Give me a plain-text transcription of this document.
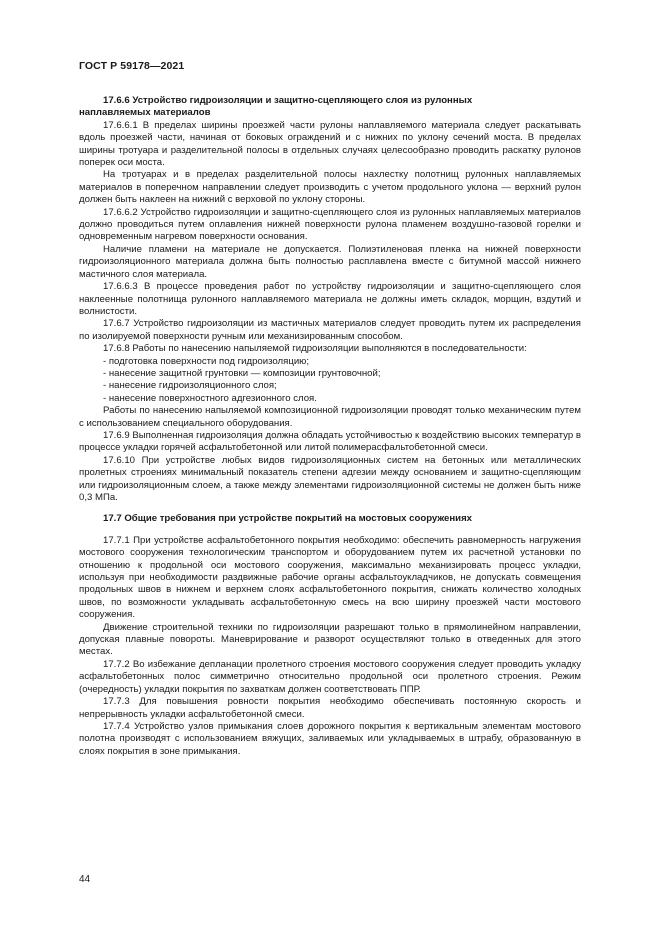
ГОСТ Р 59178—2021

17.6.6 Устройство гидроизоляции и защитно-сцепляющего слоя из рулонных

наплавляемых материалов

17.6.6.1 В пределах ширины проезжей части рулоны наплавляемого материала следует раскатывать вдоль проезжей части, начиная от боковых ограждений и с нижних по уклону сечений моста. В пределах ширины тротуара и разделительной полосы в отдельных случаях целесообразно проводить раскатку рулонов поперек оси моста.

На тротуарах и в пределах разделительной полосы нахлестку полотнищ рулонных наплавляемых материалов в поперечном направлении следует производить с учетом продольного уклона — верхний рулон должен быть наклеен на нижний с верховой по уклону стороны.

17.6.6.2 Устройство гидроизоляции и защитно-сцепляющего слоя из рулонных наплавляемых материалов должно проводиться путем оплавления нижней поверхности рулона пламенем воздушно-газовой горелки и одновременным нагревом поверхности основания.

Наличие пламени на материале не допускается. Полиэтиленовая пленка на нижней поверхности гидроизоляционного материала должна быть полностью расплавлена вместе с битумной массой нижнего мастичного слоя материала.

17.6.6.3 В процессе проведения работ по устройству гидроизоляции и защитно-сцепляющего слоя наклеенные полотнища рулонного наплавляемого материала не должны иметь складок, морщин, вздутий и волнистости.

17.6.7 Устройство гидроизоляции из мастичных материалов следует проводить путем их распределения по изолируемой поверхности ручным или механизированным способом.

17.6.8 Работы по нанесению напыляемой гидроизоляции выполняются в последовательности:

- подготовка поверхности под гидроизоляцию;

- нанесение защитной грунтовки — композиции грунтовочной;

- нанесение гидроизоляционного слоя;

- нанесение поверхностного адгезионного слоя.

Работы по нанесению напыляемой композиционной гидроизоляции проводят только механическим путем с использованием специального оборудования.

17.6.9 Выполненная гидроизоляция должна обладать устойчивостью к воздействию высоких температур в процессе укладки горячей асфальтобетонной или литой полимерасфальтобетонной смеси.

17.6.10 При устройстве любых видов гидроизоляционных систем на бетонных или металлических пролетных строениях минимальный показатель степени адгезии между основанием и защитно-сцепляющим или гидроизоляционным слоем, а также между элементами гидроизоляционной системы не должен быть ниже 0,3 МПа.

17.7 Общие требования при устройстве покрытий на мостовых сооружениях

17.7.1 При устройстве асфальтобетонного покрытия необходимо: обеспечить равномерность нагружения мостового сооружения технологическим транспортом и оборудованием путем их расчетной установки по отношению к продольной оси мостового сооружения, максимально механизировать процесс укладки, используя при необходимости раздвижные рабочие органы асфальтоукладчиков, не допускать совмещения продольных швов в нижнем и верхнем слоях асфальтобетонного покрытия, снижать количество холодных швов, по возможности укладывать асфальтобетонную смесь на всю ширину проезжей части мостового сооружения.

Движение строительной техники по гидроизоляции разрешают только в прямолинейном направлении, допуская плавные повороты. Маневрирование и разворот осуществляют только в отведенных для этого местах.

17.7.2 Во избежание депланации пролетного строения мостового сооружения следует проводить укладку асфальтобетонных полос симметрично относительно продольной оси пролетного строения. Режим (очередность) укладки покрытия по захваткам должен соответствовать ППР.

17.7.3 Для повышения ровности покрытия необходимо обеспечивать постоянную скорость и непрерывность укладки асфальтобетонной смеси.

17.7.4 Устройство узлов примыкания слоев дорожного покрытия к вертикальным элементам мостового полотна производят с использованием вяжущих, заливаемых или укладываемых в штрабу, образованную в слоях покрытия в зоне примыкания.

44
